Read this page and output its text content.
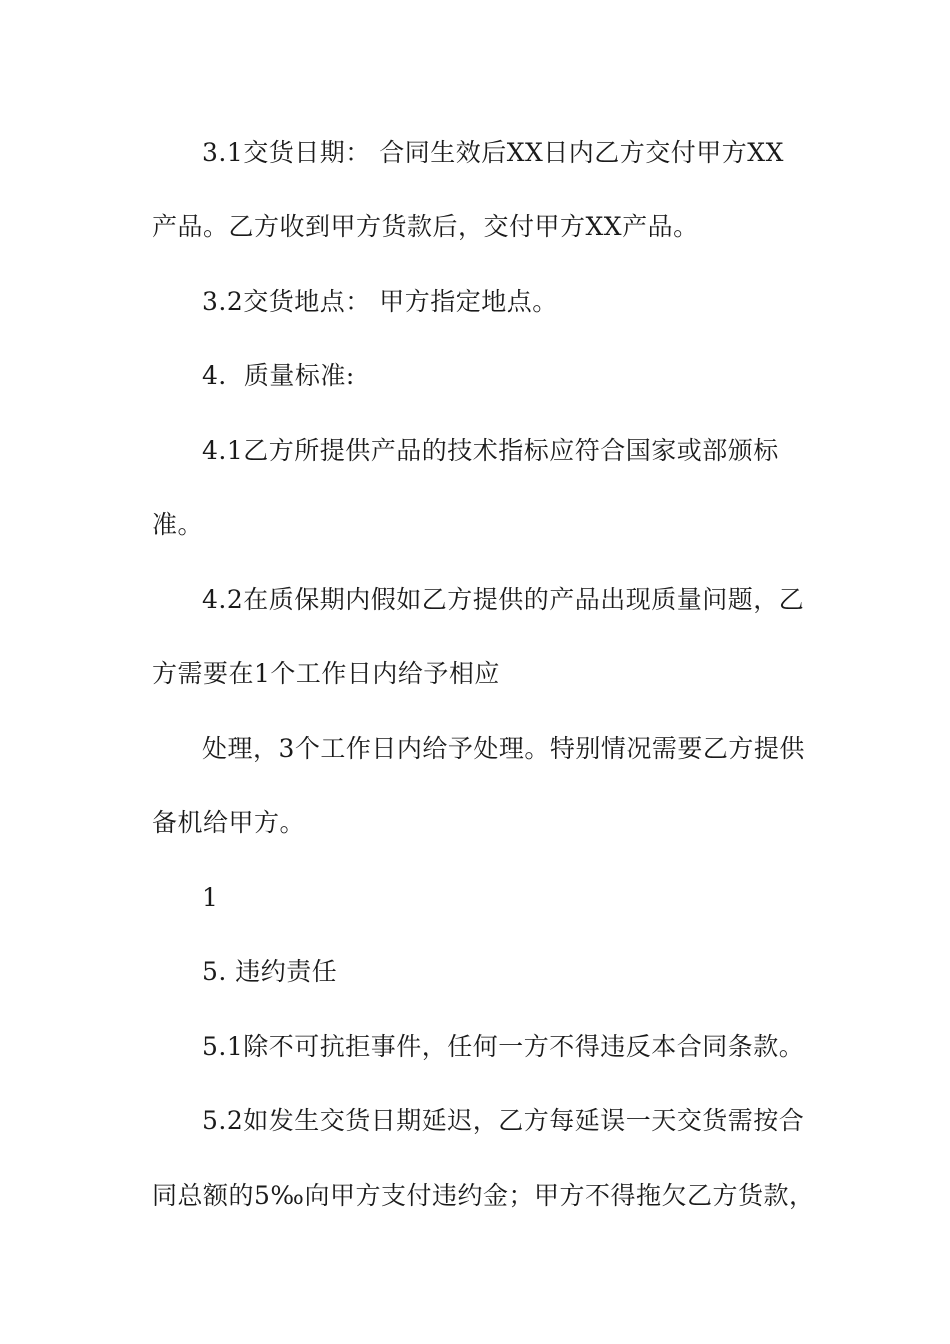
3.1交货日期： 合同生效后XX日内乙方交付甲方XX
产品。乙方收到甲方货款后，交付甲方XX产品。
3.2交货地点： 甲方指定地点。
4．质量标准:
4.1乙方所提供产品的技术指标应符合国家或部颁标
准。
4.2在质保期内假如乙方提供的产品出现质量问题，乙
方需要在1个工作日内给予相应
处理，3个工作日内给予处理。特别情况需要乙方提供
备机给甲方。
1
5. 违约责任
5.1除不可抗拒事件，任何一方不得违反本合同条款。
5.2如发生交货日期延迟，乙方每延误一天交货需按合
同总额的5‰向甲方支付违约金；甲方不得拖欠乙方货款，
